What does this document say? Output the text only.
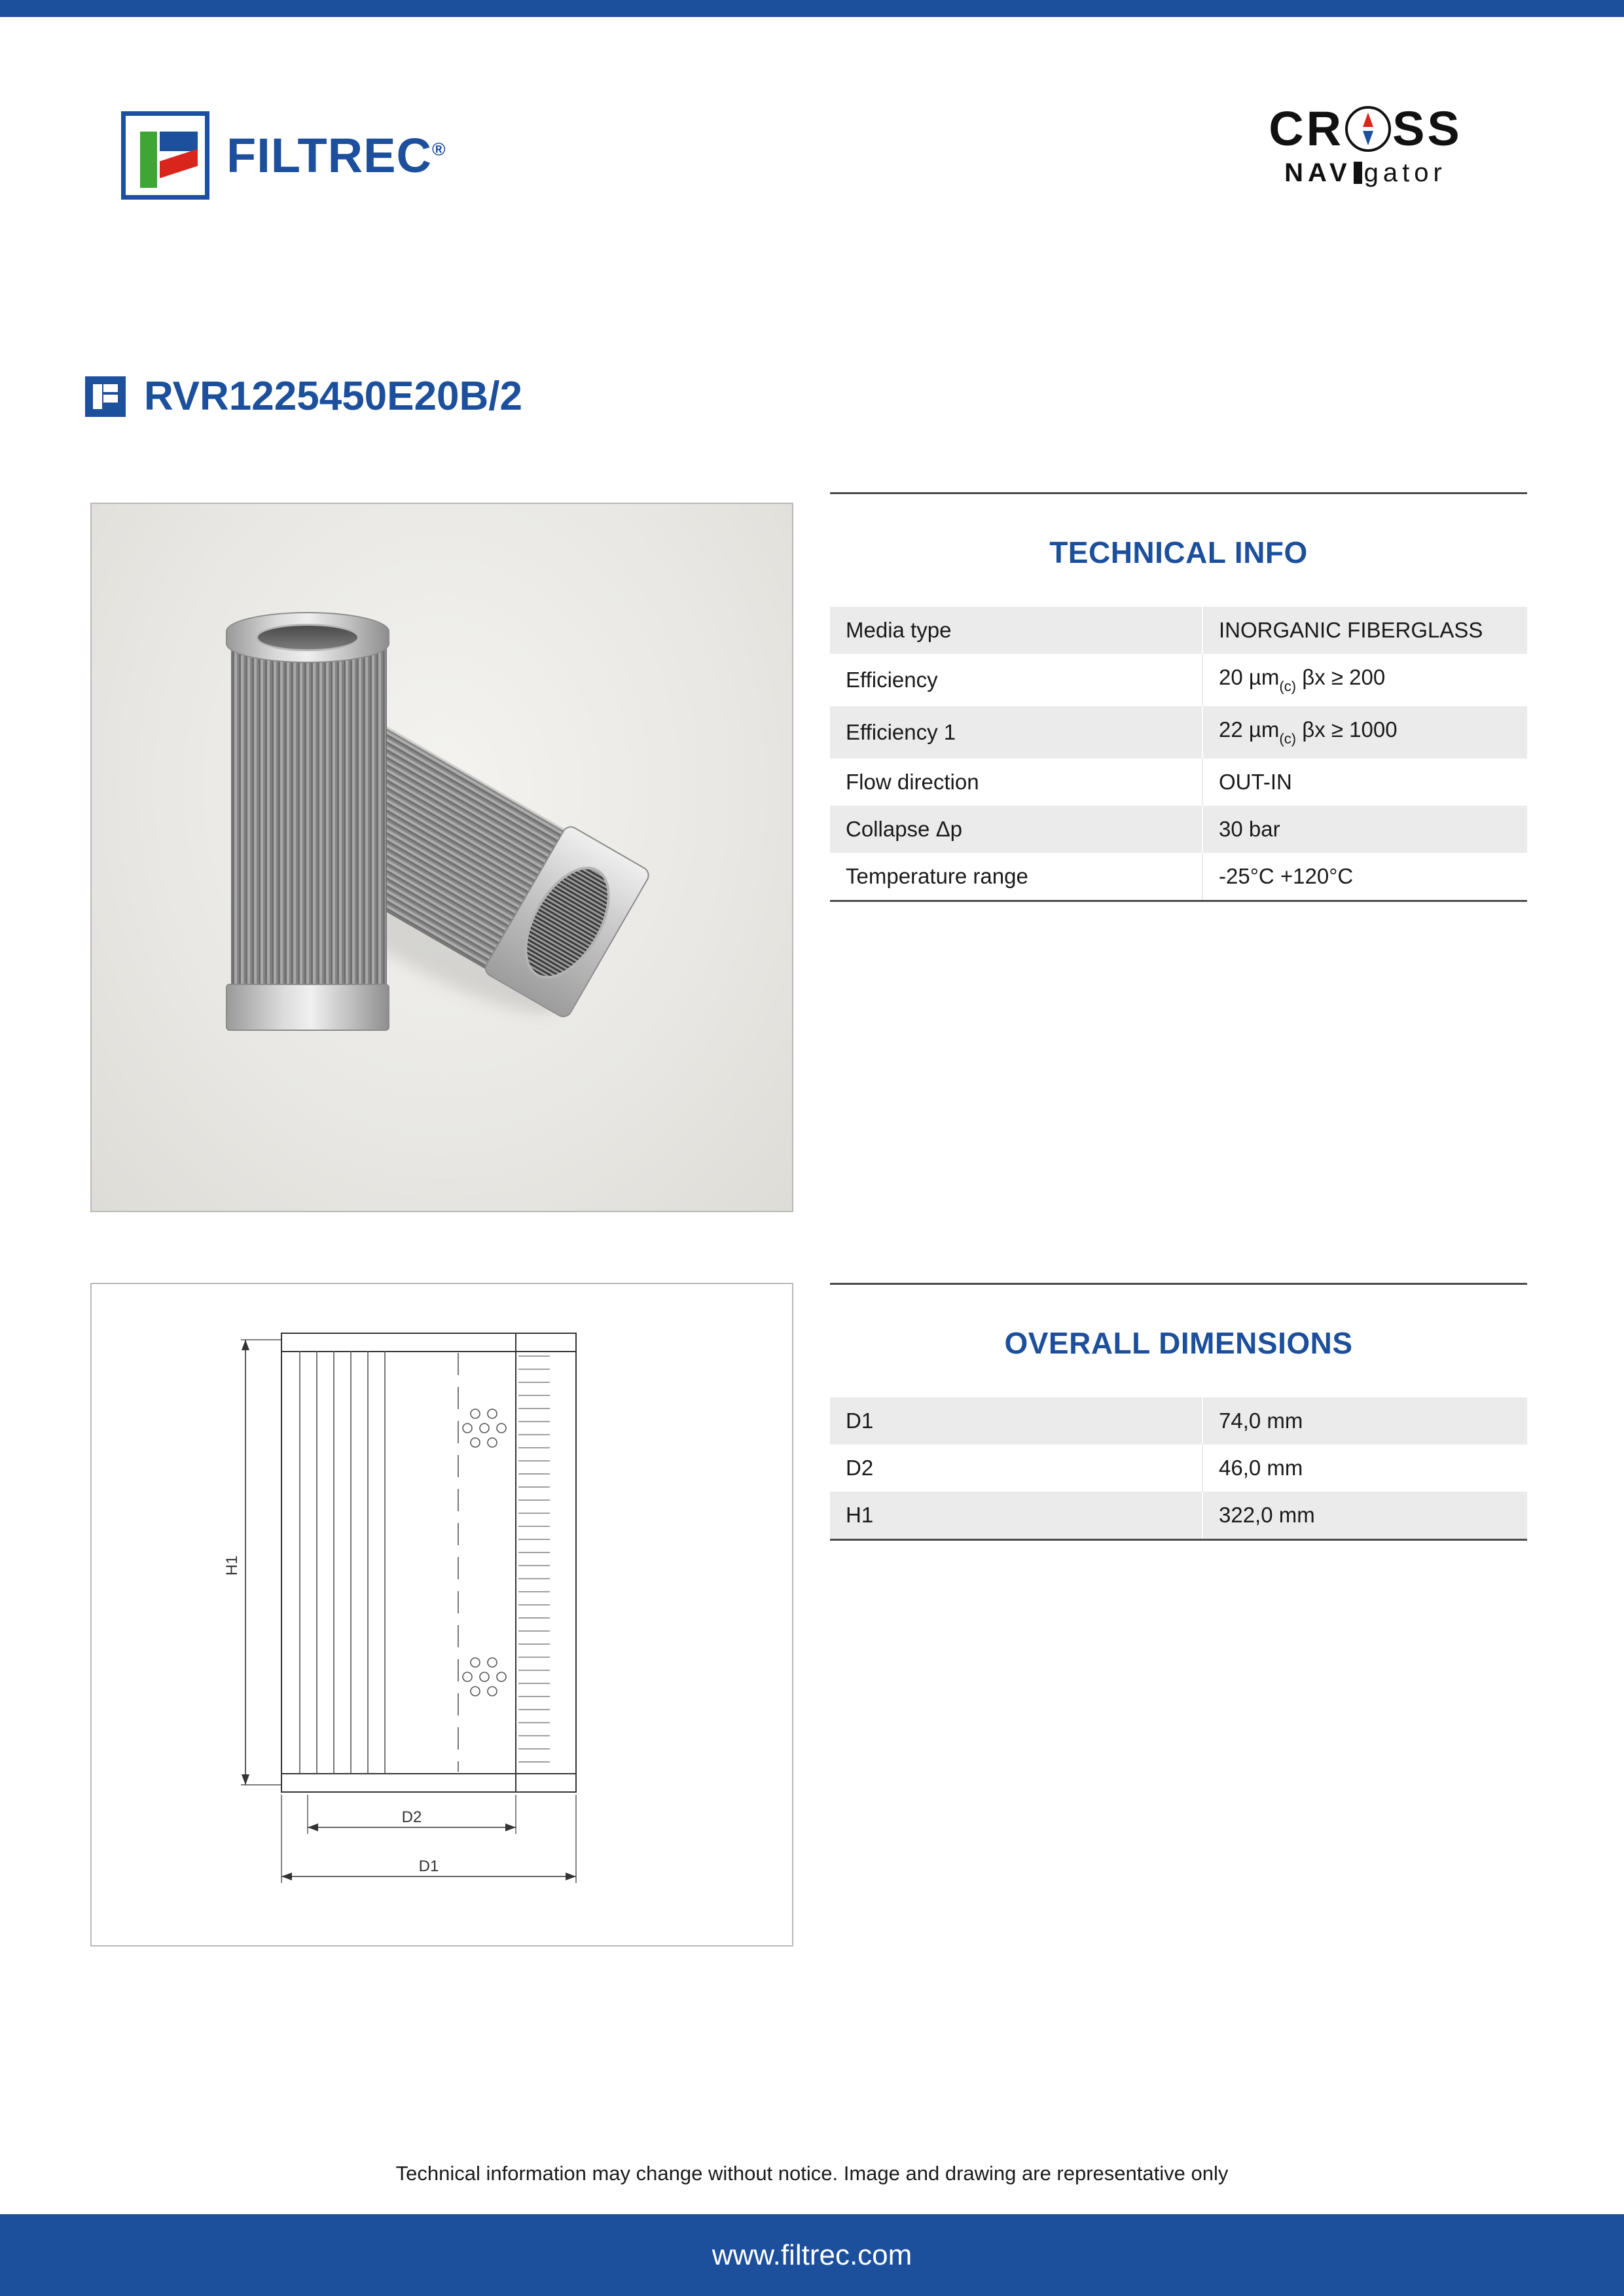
FILTREC®	CR SS
NAV gator
RVR1225450E20B/2
H1
D2
D1
TECHNICAL INFO
Media type	INORGANIC FIBERGLASS
Efficiency	20 µm$_{(c)}$ βx ≥ 200
Efficiency 1	22 µm$_{(c)}$ βx ≥ 1000
Flow direction	OUT-IN
Collapse Δp	30 bar
Temperature range	-25°C +120°C
OVERALL DIMENSIONS
D1	74,0 mm
D2	46,0 mm
H1	322,0 mm
Technical information may change without notice. Image and drawing are representative only
www.filtrec.com
